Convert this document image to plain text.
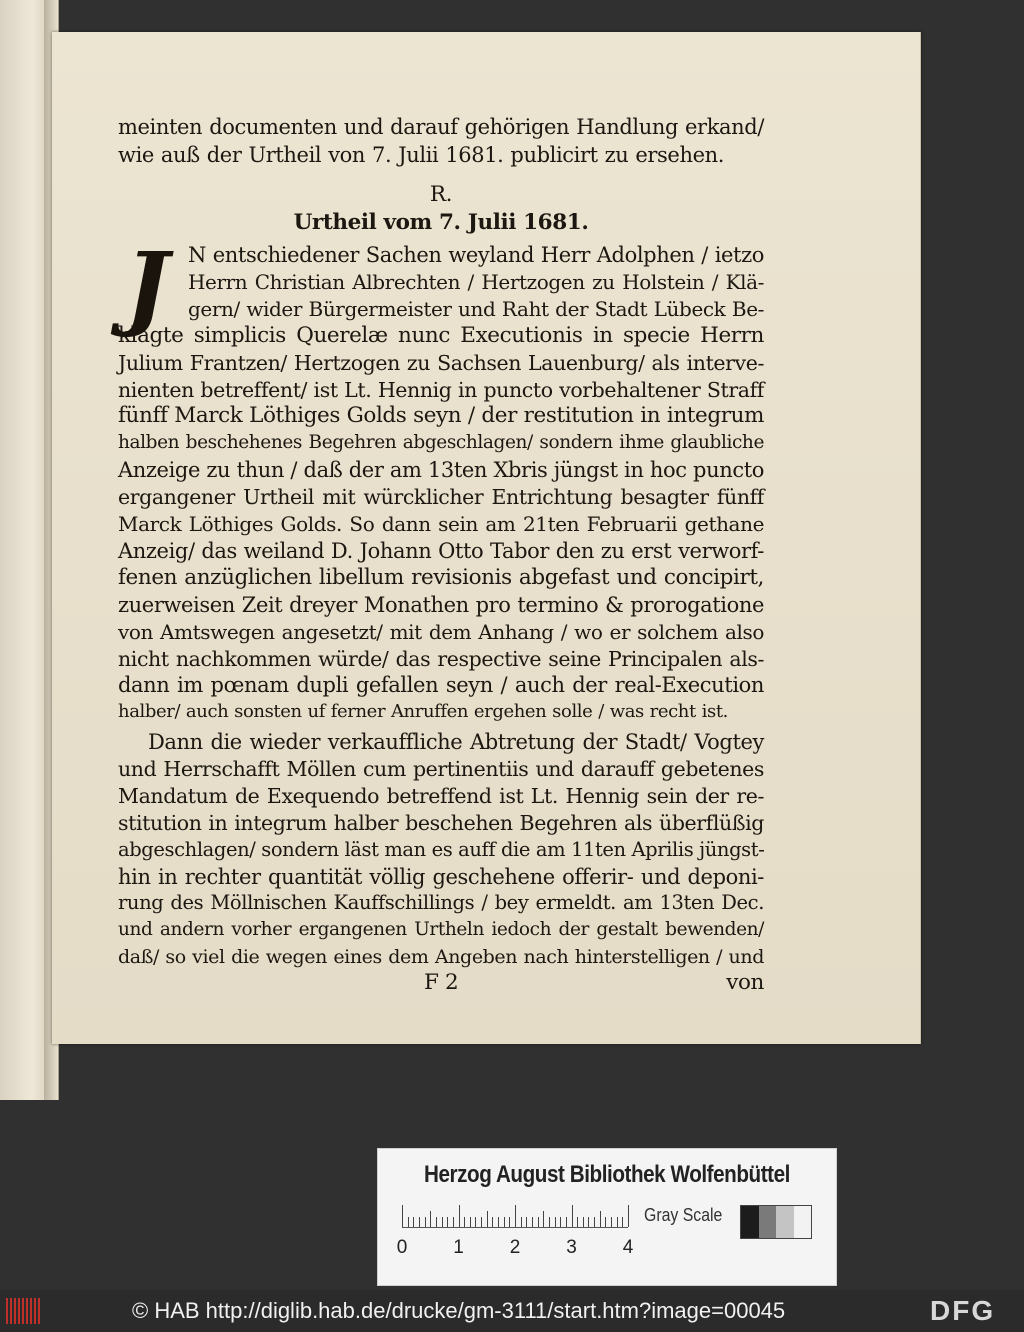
meinten documenten und darauf gehörigen Handlung erkand/
wie auß der Urtheil von 7. Julii 1681. publicirt zu ersehen.
R.
Urtheil vom 7. Julii 1681.
J N entschiedener Sachen weyland Herr Adolphen / ietzo
Herrn Christian Albrechten / Hertzogen zu Holstein / Klä-
gern/ wider Bürgermeister und Raht der Stadt Lübeck Be-
klagte simplicis Querelæ nunc Executionis in specie Herrn
Julium Frantzen/ Hertzogen zu Sachsen Lauenburg/ als interve-
nienten betreffent/ ist Lt. Hennig in puncto vorbehaltener Straff
fünff Marck Löthiges Golds seyn / der restitution in integrum
halben beschehenes Begehren abgeschlagen/ sondern ihme glaubliche
Anzeige zu thun / daß der am 13ten Xbris jüngst in hoc puncto
ergangener Urtheil mit würcklicher Entrichtung besagter fünff
Marck Löthiges Golds. So dann sein am 21ten Februarii gethane
Anzeig/ das weiland D. Johann Otto Tabor den zu erst verworf-
fenen anzüglichen libellum revisionis abgefast und concipirt,
zuerweisen Zeit dreyer Monathen pro termino & prorogatione
von Amtswegen angesetzt/ mit dem Anhang / wo er solchem also
nicht nachkommen würde/ das respective seine Principalen als-
dann im pœnam dupli gefallen seyn / auch der real-Execution
halber/ auch sonsten uf ferner Anruffen ergehen solle / was recht ist.
Dann die wieder verkauffliche Abtretung der Stadt/ Vogtey
und Herrschafft Möllen cum pertinentiis und darauff gebetenes
Mandatum de Exequendo betreffend ist Lt. Hennig sein der re-
stitution in integrum halber beschehen Begehren als überflüßig
abgeschlagen/ sondern läst man es auff die am 11ten Aprilis jüngst-
hin in rechter quantität völlig geschehene offerir- und deponi-
rung des Möllnischen Kauffschillings / bey ermeldt. am 13ten Dec.
und andern vorher ergangenen Urtheln iedoch der gestalt bewenden/
daß/ so viel die wegen eines dem Angeben nach hinterstelligen / und
F 2	von
Herzog August Bibliothek Wolfenbüttel
0 1 2 3 4
Gray Scale
© HAB http://diglib.hab.de/drucke/gm-3111/start.htm?image=00045	DFG
